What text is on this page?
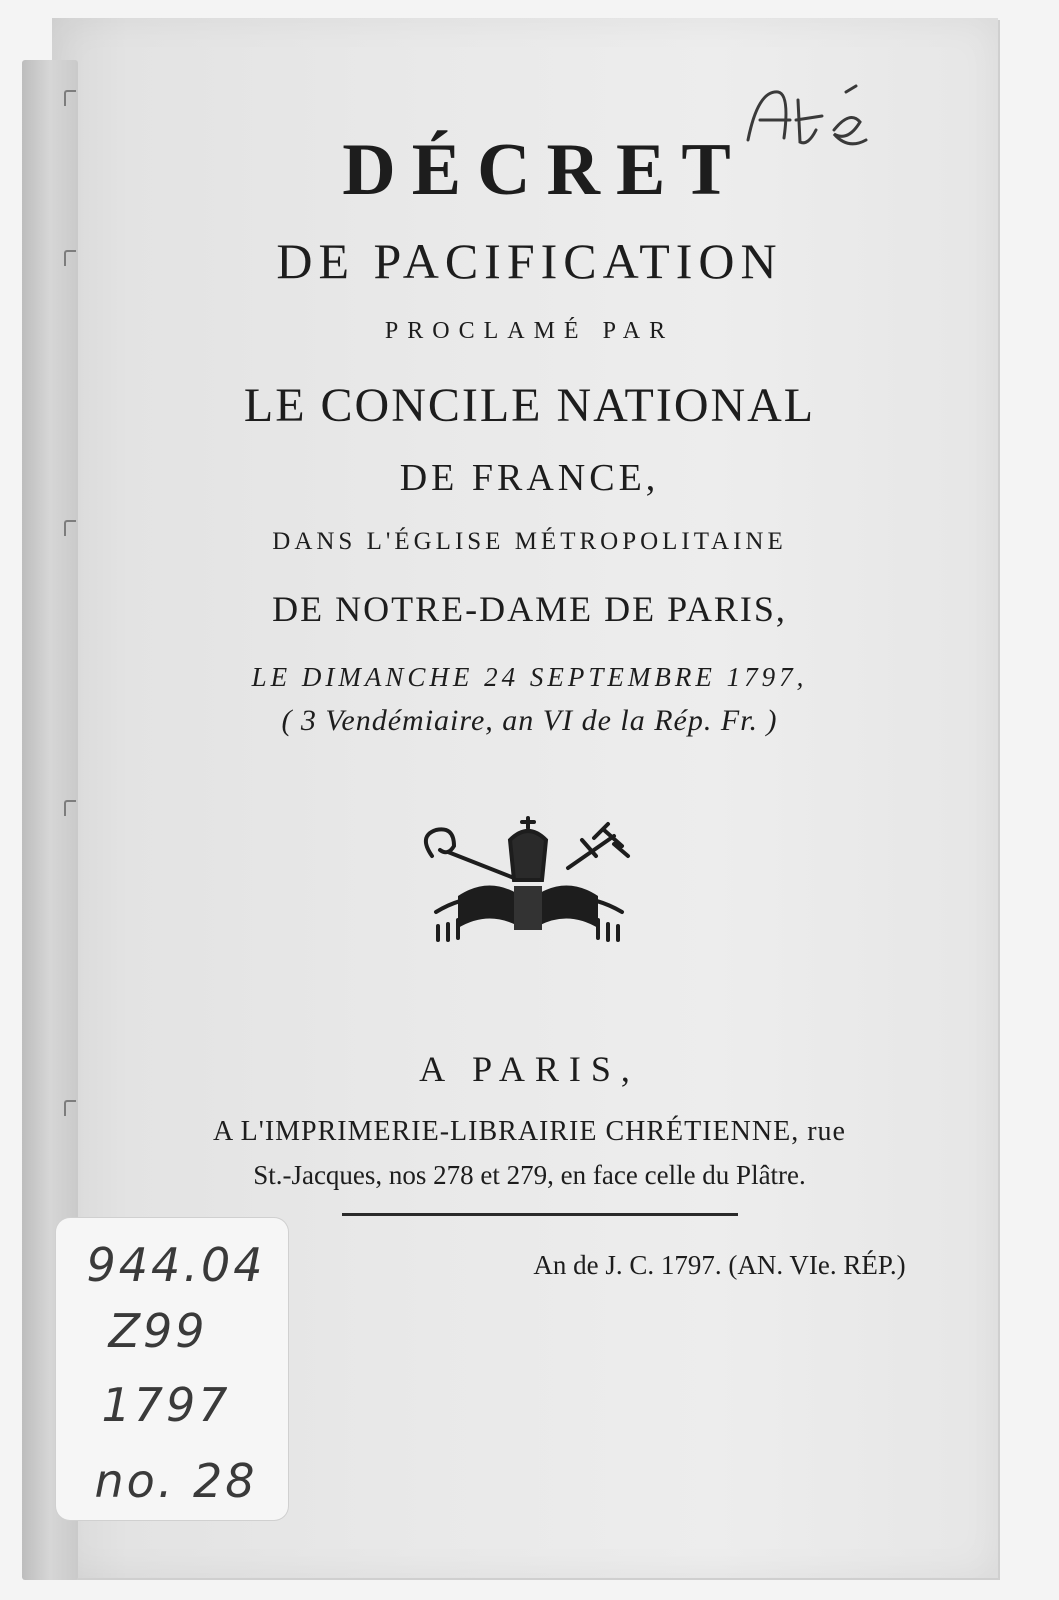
Ate
DÉCRET
DE PACIFICATION
PROCLAMÉ PAR
LE CONCILE NATIONAL
DE FRANCE,
DANS L'ÉGLISE MÉTROPOLITAINE
DE NOTRE-DAME DE PARIS,
LE DIMANCHE 24 SEPTEMBRE 1797,
( 3 Vendémiaire, an VI de la Rép. Fr. )
A PARIS,
A L'IMPRIMERIE-LIBRAIRIE CHRÉTIENNE, rue
St.-Jacques, nos 278 et 279, en face celle du Plâtre.
An de J. C. 1797. (AN. VIe. RÉP.)
944.04
Z99
1797
no. 28
